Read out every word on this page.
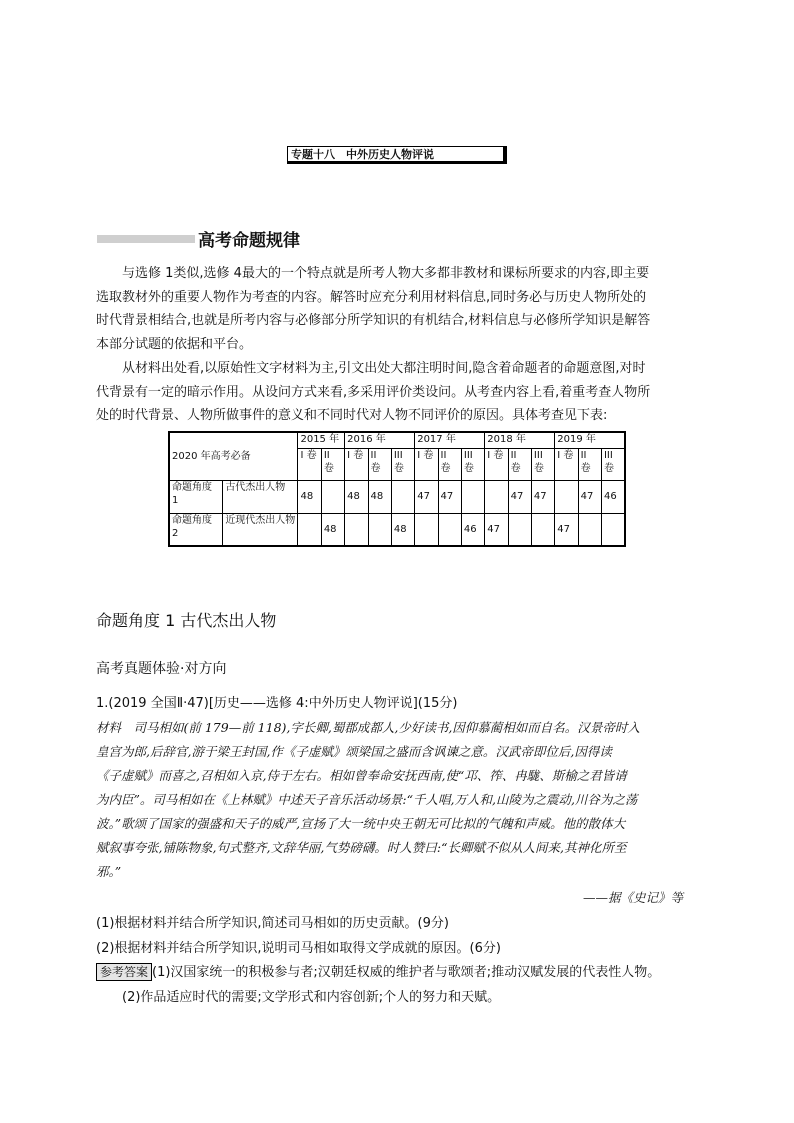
专题十八　中外历史人物评说
高考命题规律
与选修 1类似,选修 4最大的一个特点就是所考人物大多都非教材和课标所要求的内容,即主要
选取教材外的重要人物作为考查的内容。解答时应充分利用材料信息,同时务必与历史人物所处的
时代背景相结合,也就是所考内容与必修部分所学知识的有机结合,材料信息与必修所学知识是解答
本部分试题的依据和平台。
从材料出处看,以原始性文字材料为主,引文出处大都注明时间,隐含着命题者的命题意图,对时
代背景有一定的暗示作用。从设问方式来看,多采用评价类设问。从考查内容上看,着重考查人物所
处的时代背景、人物所做事件的意义和不同时代对人物不同评价的原因。具体考查见下表:
2020 年高考必备		2015 年		2016 年			2017 年			2018 年			2019 年		
		I 卷	II 卷	I 卷	II 卷	III 卷	I 卷	II 卷	III 卷	I 卷	II 卷	III 卷	I 卷	II 卷	III 卷

命题角度 1	古代杰出人物	48		48	48		47	47			47	47		47	46
命题角度 2	近现代杰出人物		48			48			46	47			47		
命题角度 1 古代杰出人物
高考真题体验·对方向
1.(2019 全国Ⅱ·47)[历史——选修 4:中外历史人物评说](15分)
材料　司马相如(前 179—前 118),字长卿,蜀郡成都人,少好读书,因仰慕蔺相如而自名。汉景帝时入
皇宫为郎,后辞官,游于梁王封国,作《子虚赋》颂梁国之盛而含讽谏之意。汉武帝即位后,因得读
《子虚赋》而喜之,召相如入京,侍于左右。相如曾奉命安抚西南,使“邛、筰、冉駹、斯榆之君皆请
为内臣”。司马相如在《上林赋》中述天子音乐活动场景:“千人唱,万人和,山陵为之震动,川谷为之荡
波。”歌颂了国家的强盛和天子的威严,宣扬了大一统中央王朝无可比拟的气魄和声威。他的散体大
赋叙事夸张,铺陈物象,句式整齐,文辞华丽,气势磅礴。时人赞曰:“长卿赋不似从人间来,其神化所至
邪。”
——据《史记》等
(1)根据材料并结合所学知识,简述司马相如的历史贡献。(9分)
(2)根据材料并结合所学知识,说明司马相如取得文学成就的原因。(6分)
参考答案 (1)汉国家统一的积极参与者;汉朝廷权威的维护者与歌颂者;推动汉赋发展的代表性人物。
(2)作品适应时代的需要;文学形式和内容创新;个人的努力和天赋。
